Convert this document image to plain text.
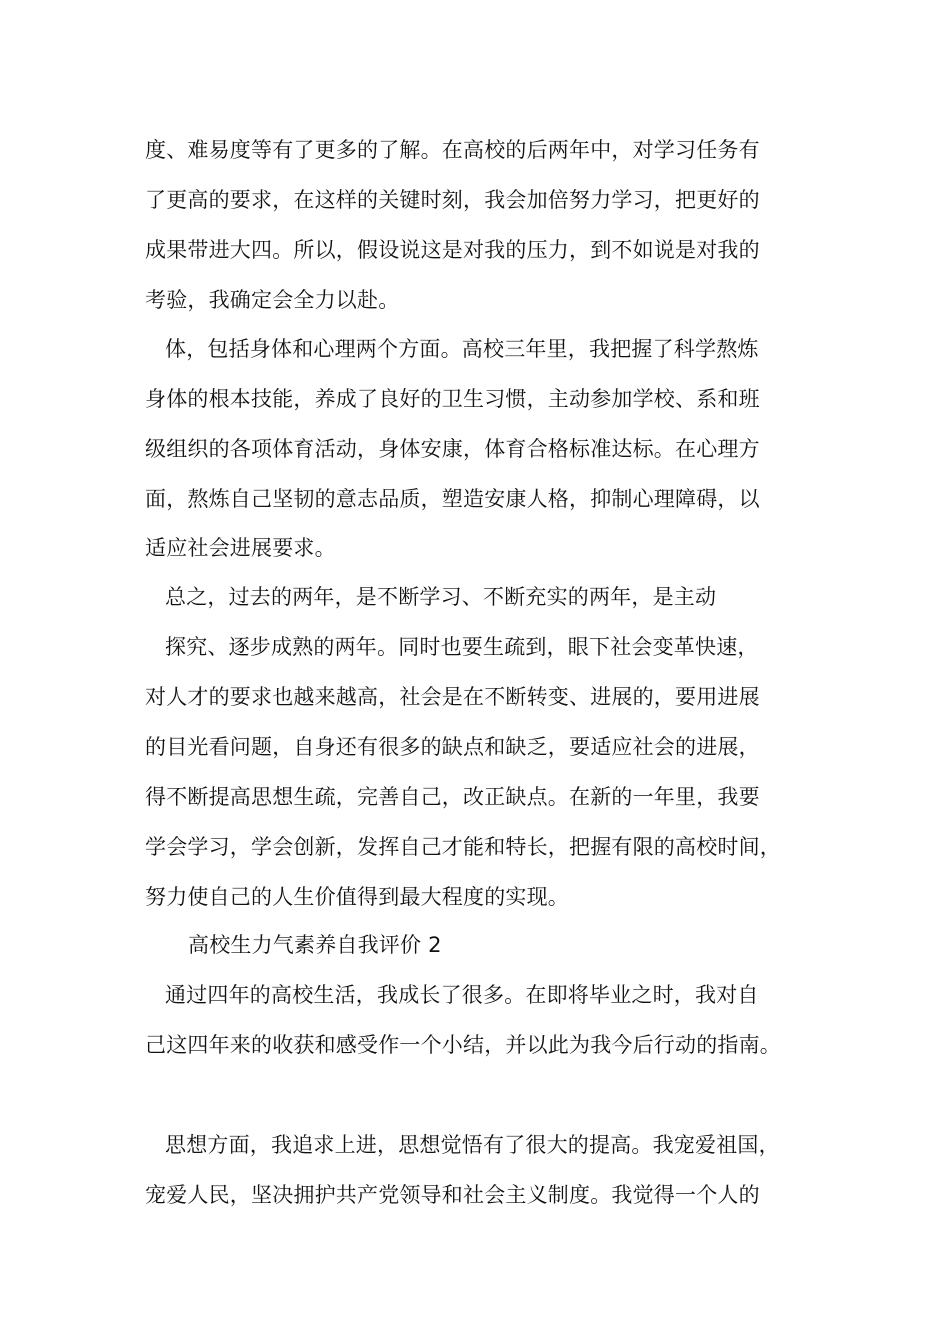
度、难易度等有了更多的了解。在高校的后两年中，对学习任务有
了更高的要求，在这样的关键时刻，我会加倍努力学习，把更好的
成果带进大四。所以，假设说这是对我的压力，到不如说是对我的
考验，我确定会全力以赴。
体，包括身体和心理两个方面。高校三年里，我把握了科学熬炼
身体的根本技能，养成了良好的卫生习惯，主动参加学校、系和班
级组织的各项体育活动，身体安康，体育合格标准达标。在心理方
面，熬炼自己坚韧的意志品质，塑造安康人格，抑制心理障碍，以
适应社会进展要求。
总之，过去的两年，是不断学习、不断充实的两年，是主动
探究、逐步成熟的两年。同时也要生疏到，眼下社会变革快速，
对人才的要求也越来越高，社会是在不断转变、进展的，要用进展
的目光看问题，自身还有很多的缺点和缺乏，要适应社会的进展，
得不断提高思想生疏，完善自己，改正缺点。在新的一年里，我要
学会学习，学会创新，发挥自己才能和特长，把握有限的高校时间，
努力使自己的人生价值得到最大程度的实现。
高校生力气素养自我评价 2
通过四年的高校生活，我成长了很多。在即将毕业之时，我对自
己这四年来的收获和感受作一个小结，并以此为我今后行动的指南。
思想方面，我追求上进，思想觉悟有了很大的提高。我宠爱祖国，
宠爱人民，坚决拥护共产党领导和社会主义制度。我觉得一个人的
